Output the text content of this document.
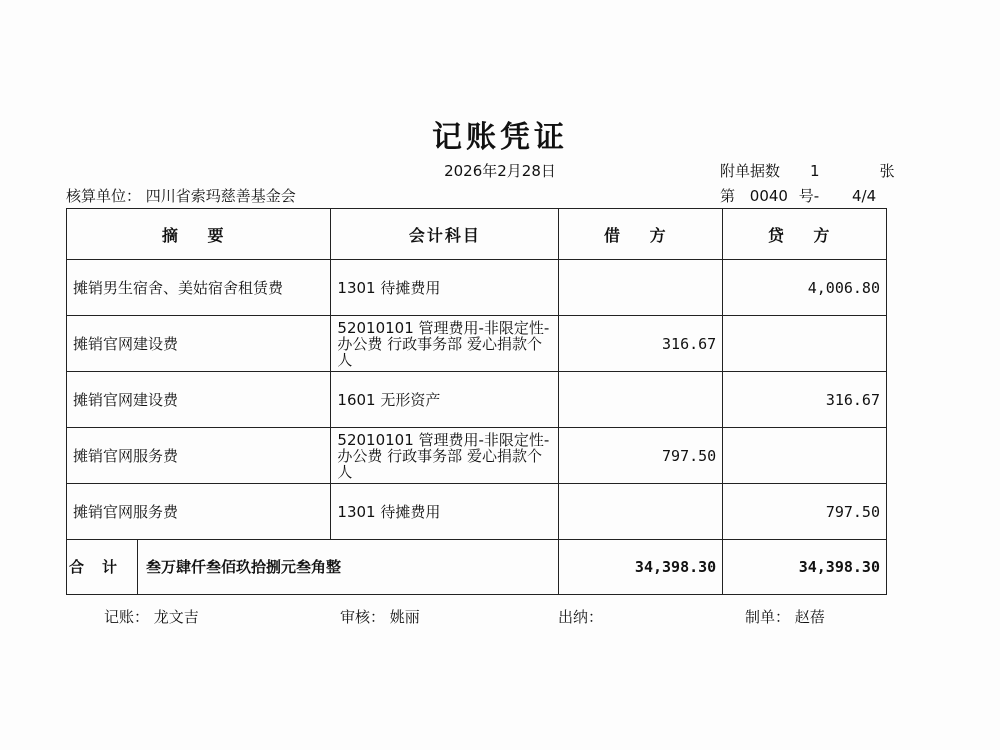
记账凭证
2026年2月28日	附单据数 1	张
核算单位： 四川省索玛慈善基金会	第 0040 号- 4/4
摘 要	会计科目	借 方	贷 方
摊销男生宿舍、美姑宿舍租赁费	1301 待摊费用		4,006.80
摊销官网建设费	52010101 管理费用-非限定性-办公费 行政事务部 爱心捐款个人	316.67	
摊销官网建设费	1601 无形资产		316.67
摊销官网服务费	52010101 管理费用-非限定性-办公费 行政事务部 爱心捐款个人	797.50	
摊销官网服务费	1301 待摊费用		797.50
合计 叁万肆仟叁佰玖拾捌元叁角整		34,398.30	34,398.30
记账： 龙文吉	审核： 姚丽	出纳：	制单： 赵蓓
